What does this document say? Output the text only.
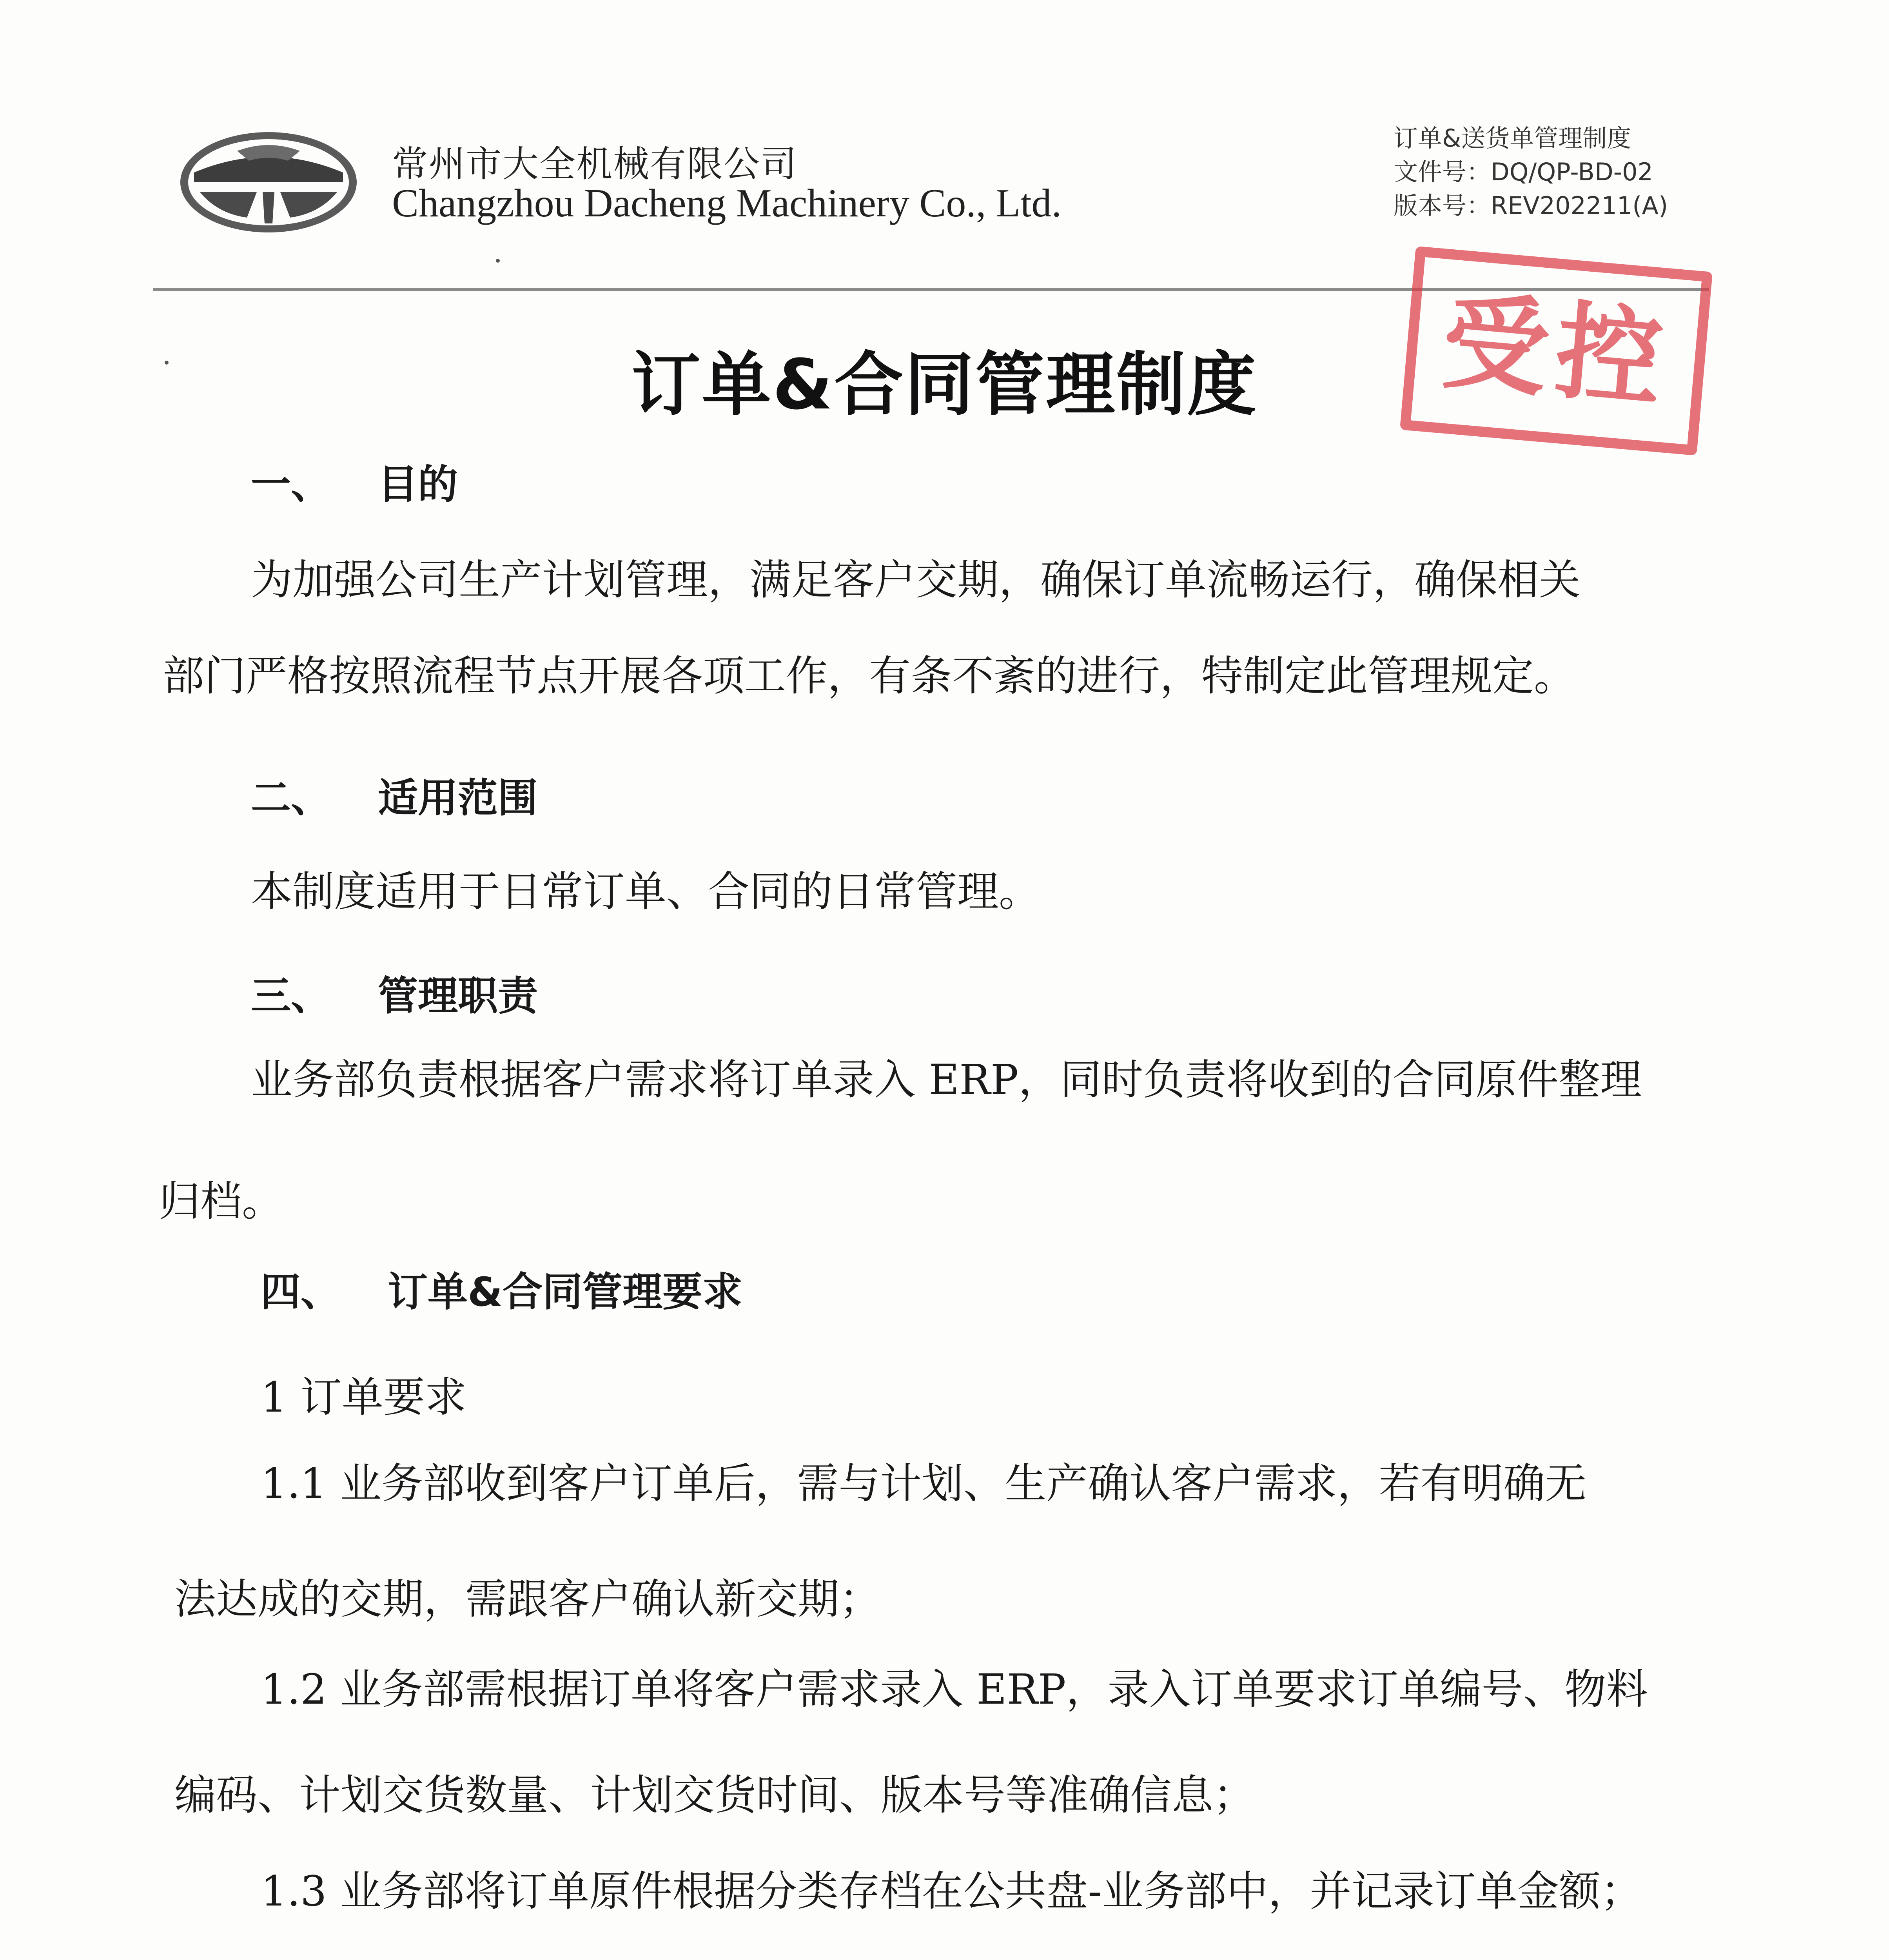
常州市大全机械有限公司
Changzhou Dacheng Machinery Co., Ltd.
订单&送货单管理制度
文件号：DQ/QP-BD-02
版本号：REV202211(A)
受控
订单&合同管理制度
一、 目的
为加强公司生产计划管理，满足客户交期，确保订单流畅运行，确保相关
部门严格按照流程节点开展各项工作，有条不紊的进行，特制定此管理规定。
二、 适用范围
本制度适用于日常订单、合同的日常管理。
三、 管理职责
业务部负责根据客户需求将订单录入 ERP，同时负责将收到的合同原件整理
归档。
四、 订单&合同管理要求
1 订单要求
1.1 业务部收到客户订单后，需与计划、生产确认客户需求，若有明确无
法达成的交期，需跟客户确认新交期；
1.2 业务部需根据订单将客户需求录入 ERP，录入订单要求订单编号、物料
编码、计划交货数量、计划交货时间、版本号等准确信息；
1.3 业务部将订单原件根据分类存档在公共盘-业务部中，并记录订单金额；
